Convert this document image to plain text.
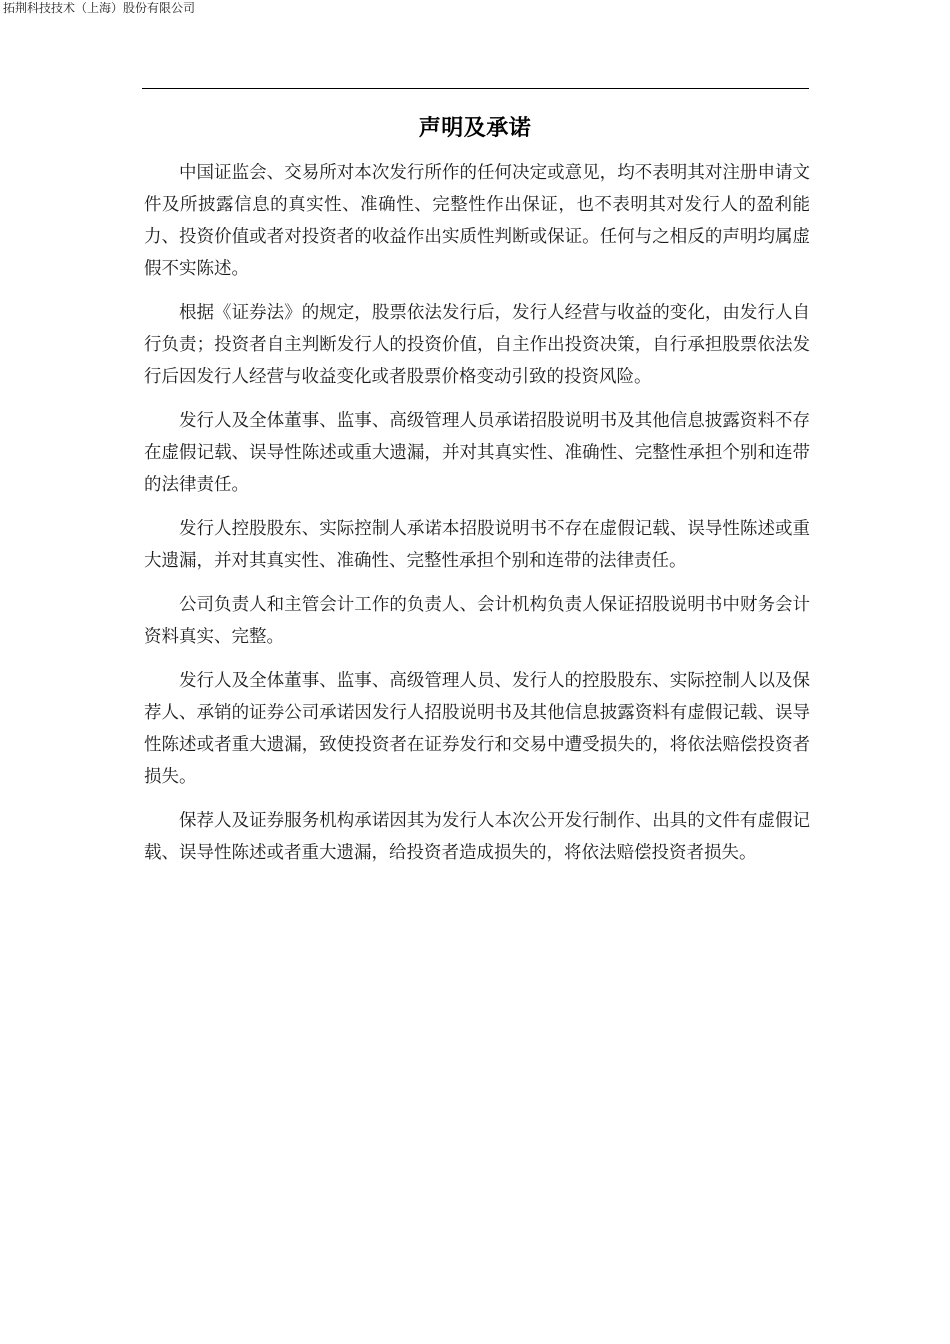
拓荆科技技术（上海）股份有限公司
声明及承诺

中国证监会、交易所对本次发行所作的任何决定或意见，均不表明其对注册申请文件及所披露信息的真实性、准确性、完整性作出保证，也不表明其对发行人的盈利能力、投资价值或者对投资者的收益作出实质性判断或保证。任何与之相反的声明均属虚假不实陈述。

根据《证券法》的规定，股票依法发行后，发行人经营与收益的变化，由发行人自行负责；投资者自主判断发行人的投资价值，自主作出投资决策，自行承担股票依法发行后因发行人经营与收益变化或者股票价格变动引致的投资风险。

发行人及全体董事、监事、高级管理人员承诺招股说明书及其他信息披露资料不存在虚假记载、误导性陈述或重大遗漏，并对其真实性、准确性、完整性承担个别和连带的法律责任。

发行人控股股东、实际控制人承诺本招股说明书不存在虚假记载、误导性陈述或重大遗漏，并对其真实性、准确性、完整性承担个别和连带的法律责任。

公司负责人和主管会计工作的负责人、会计机构负责人保证招股说明书中财务会计资料真实、完整。

发行人及全体董事、监事、高级管理人员、发行人的控股股东、实际控制人以及保荐人、承销的证券公司承诺因发行人招股说明书及其他信息披露资料有虚假记载、误导性陈述或者重大遗漏，致使投资者在证券发行和交易中遭受损失的，将依法赔偿投资者损失。

保荐人及证券服务机构承诺因其为发行人本次公开发行制作、出具的文件有虚假记载、误导性陈述或者重大遗漏，给投资者造成损失的，将依法赔偿投资者损失。
